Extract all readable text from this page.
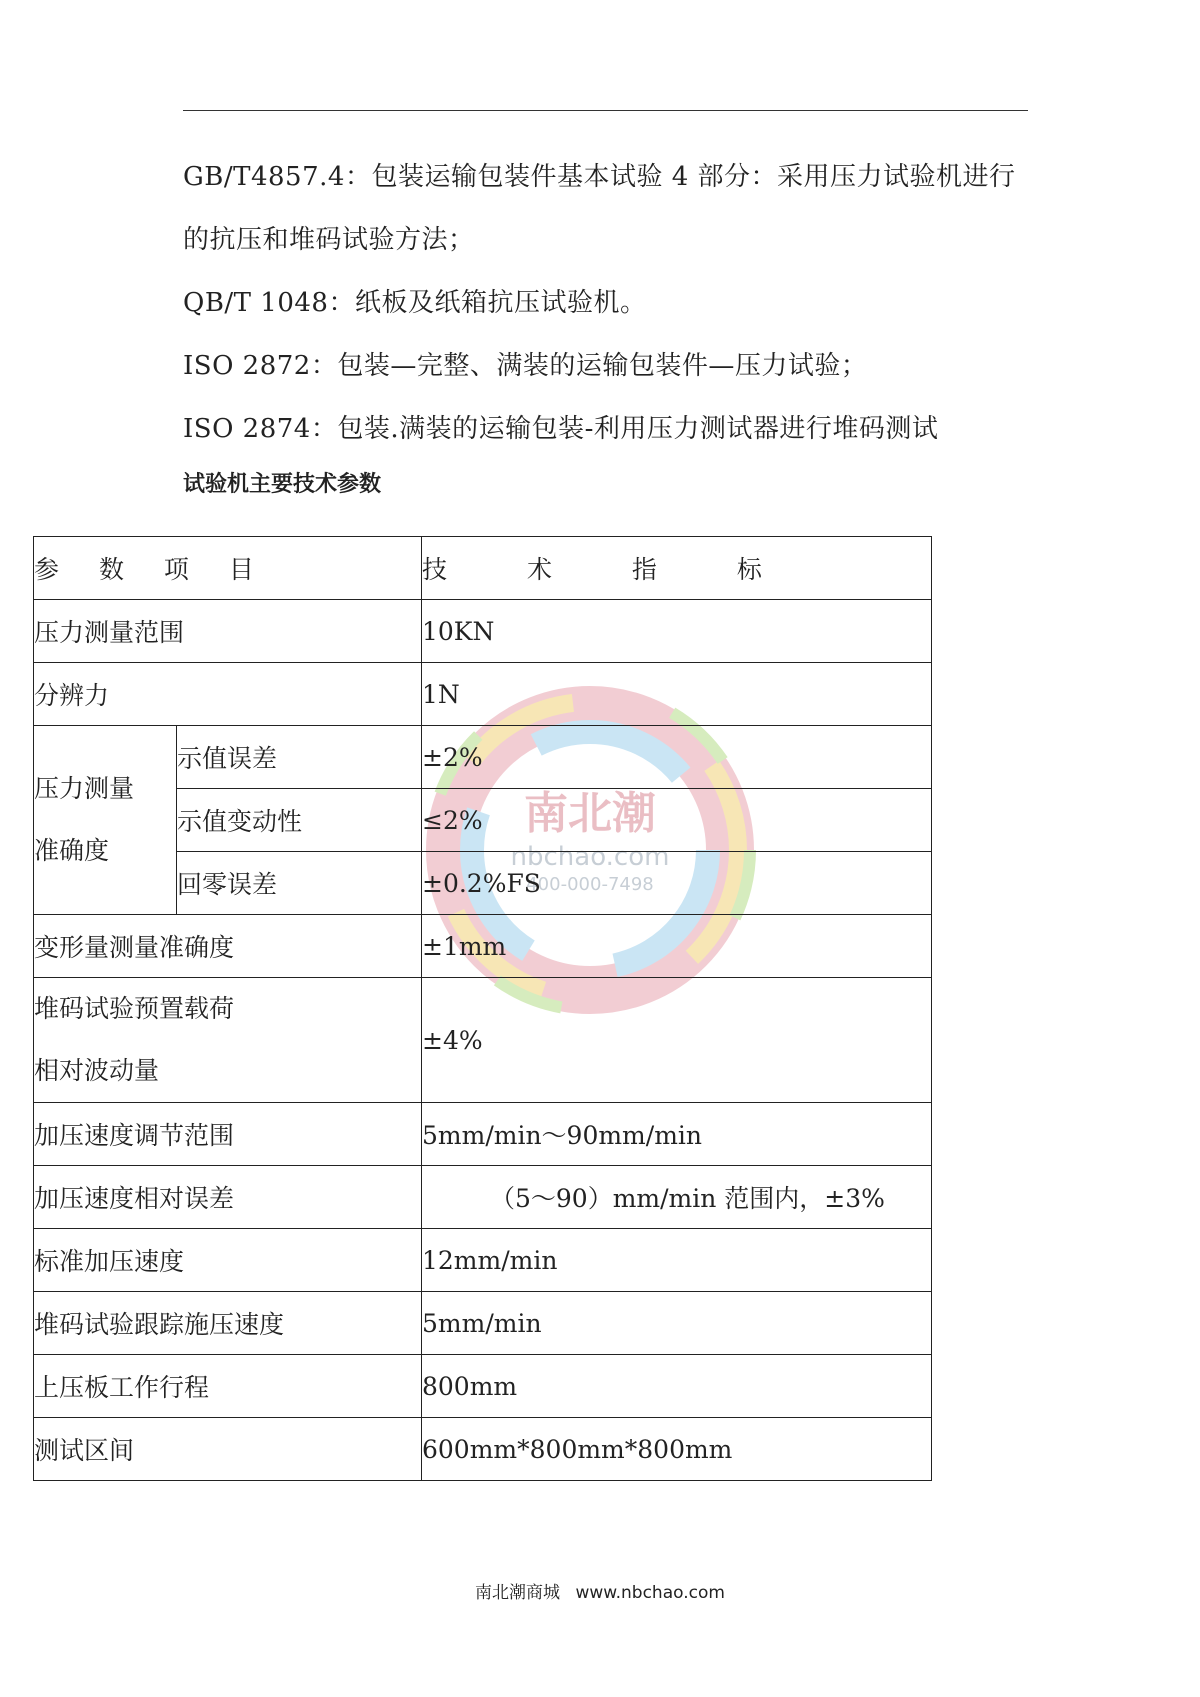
GB/T4857.4：包装运输包装件基本试验 4 部分：采用压力试验机进行
的抗压和堆码试验方法；
QB/T 1048：纸板及纸箱抗压试验机。
ISO 2872：包装—完整、满装的运输包装件—压力试验；
ISO 2874：包装.满装的运输包装-利用压力测试器进行堆码测试
试验机主要技术参数
南北潮
nbchao.com
400-000-7498
参 数 项 目		技 术 指 标
压力测量范围		10KN
分辨力		1N

压力测量
准确度	示值误差	±2%
	示值变动性	≤2%
	回零误差	±0.2%FS
变形量测量准确度		±1mm

堆码试验预置载荷
相对波动量		±4%
加压速度调节范围		5mm/min～90mm/min
加压速度相对误差		（5～90）mm/min 范围内，±3%
标准加压速度		12mm/min
堆码试验跟踪施压速度		5mm/min
上压板工作行程		800mm
测试区间		600mm*800mm*800mm
南北潮商城 www.nbchao.com
